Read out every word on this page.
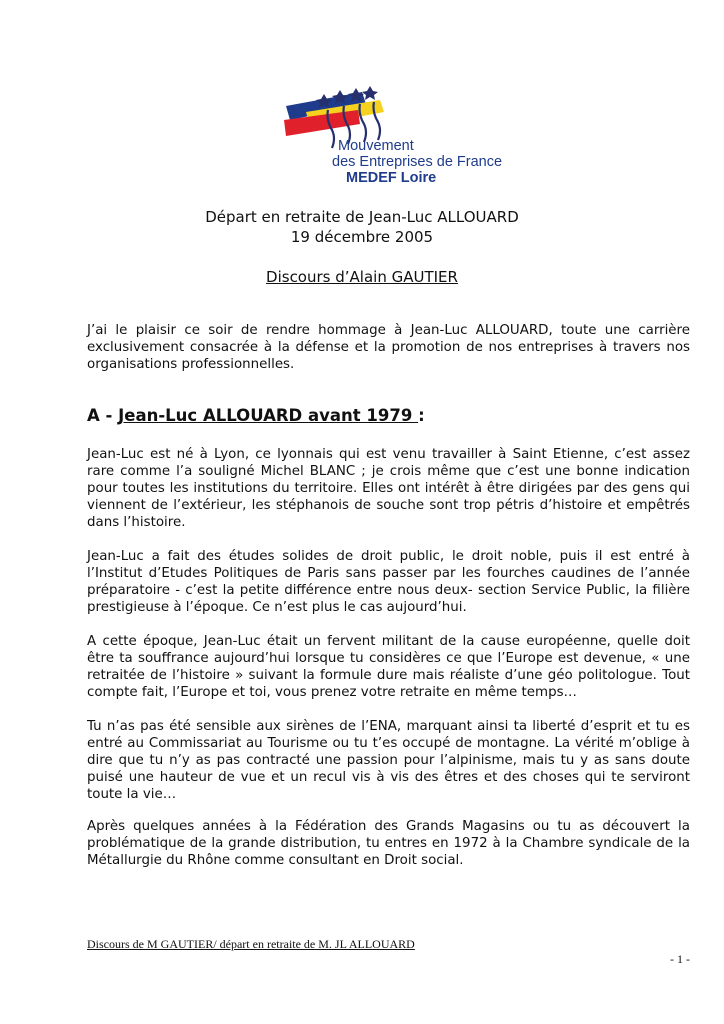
Mouvement
des Entreprises de France
MEDEF Loire
Départ en retraite de Jean-Luc ALLOUARD
19 décembre 2005
Discours d’Alain GAUTIER
J’ai le plaisir ce soir de rendre hommage à Jean-Luc ALLOUARD, toute une carrière exclusivement consacrée à la défense et la promotion de nos entreprises à travers nos organisations professionnelles.
A - Jean-Luc ALLOUARD avant 1979 :
Jean-Luc est né à Lyon, ce lyonnais qui est venu travailler à Saint Etienne, c’est assez rare comme l’a souligné Michel BLANC ; je crois même que c’est une bonne indication pour toutes les institutions du territoire. Elles ont intérêt à être dirigées par des gens qui viennent de l’extérieur, les stéphanois de souche sont trop pétris d’histoire et empêtrés dans l’histoire.
Jean-Luc a fait des études solides de droit public, le droit noble, puis il est entré à l’Institut d’Etudes Politiques de Paris sans passer par les fourches caudines de l’année préparatoire - c’est la petite différence entre nous deux- section Service Public, la filière prestigieuse à l’époque. Ce n’est plus le cas aujourd’hui.
A cette époque, Jean-Luc était un fervent militant de la cause européenne, quelle doit être ta souffrance aujourd’hui lorsque tu considères ce que l’Europe est devenue, « une retraitée de l’histoire » suivant la formule dure mais réaliste d’une géo politologue. Tout compte fait, l’Europe et toi, vous prenez votre retraite en même temps…
Tu n’as pas été sensible aux sirènes de l’ENA, marquant ainsi ta liberté d’esprit et tu es entré au Commissariat au Tourisme ou tu t’es occupé de montagne. La vérité m’oblige à dire que tu n’y as pas contracté une passion pour l’alpinisme, mais tu y as sans doute puisé une hauteur de vue et un recul vis à vis des êtres et des choses qui te serviront toute la vie…
Après quelques années à la Fédération des Grands Magasins ou tu as découvert la problématique de la grande distribution, tu entres en 1972 à la Chambre syndicale de la Métallurgie du Rhône comme consultant en Droit social.
Discours de M GAUTIER/ départ en retraite de M. JL ALLOUARD
- 1 -
